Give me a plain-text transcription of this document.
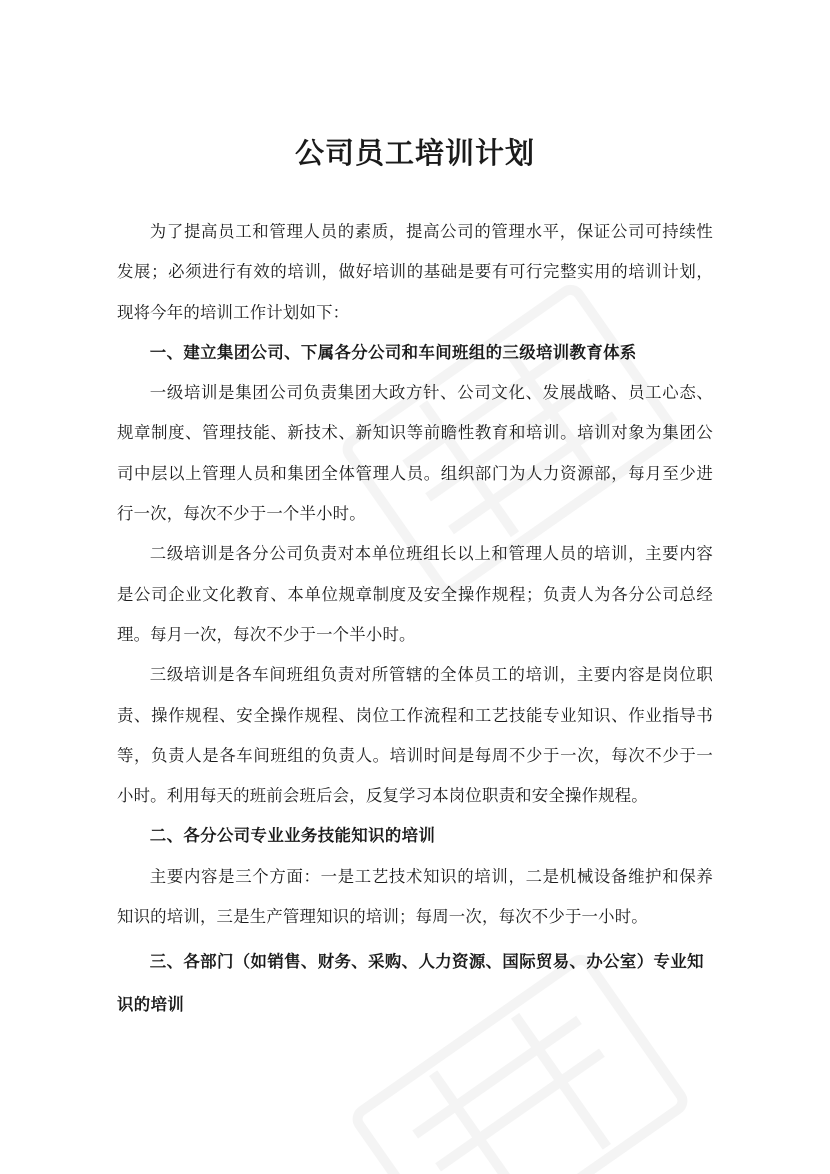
公司员工培训计划

为了提高员工和管理人员的素质，提高公司的管理水平，保证公司可持续性发展；必须进行有效的培训，做好培训的基础是要有可行完整实用的培训计划，现将今年的培训工作计划如下：

一、建立集团公司、下属各分公司和车间班组的三级培训教育体系

一级培训是集团公司负责集团大政方针、公司文化、发展战略、员工心态、规章制度、管理技能、新技术、新知识等前瞻性教育和培训。培训对象为集团公司中层以上管理人员和集团全体管理人员。组织部门为人力资源部，每月至少进行一次，每次不少于一个半小时。

二级培训是各分公司负责对本单位班组长以上和管理人员的培训，主要内容是公司企业文化教育、本单位规章制度及安全操作规程；负责人为各分公司总经理。每月一次，每次不少于一个半小时。

三级培训是各车间班组负责对所管辖的全体员工的培训，主要内容是岗位职责、操作规程、安全操作规程、岗位工作流程和工艺技能专业知识、作业指导书等，负责人是各车间班组的负责人。培训时间是每周不少于一次，每次不少于一小时。利用每天的班前会班后会，反复学习本岗位职责和安全操作规程。

二、各分公司专业业务技能知识的培训

主要内容是三个方面：一是工艺技术知识的培训，二是机械设备维护和保养知识的培训，三是生产管理知识的培训；每周一次，每次不少于一小时。

三、各部门（如销售、财务、采购、人力资源、国际贸易、办公室）专业知识的培训
